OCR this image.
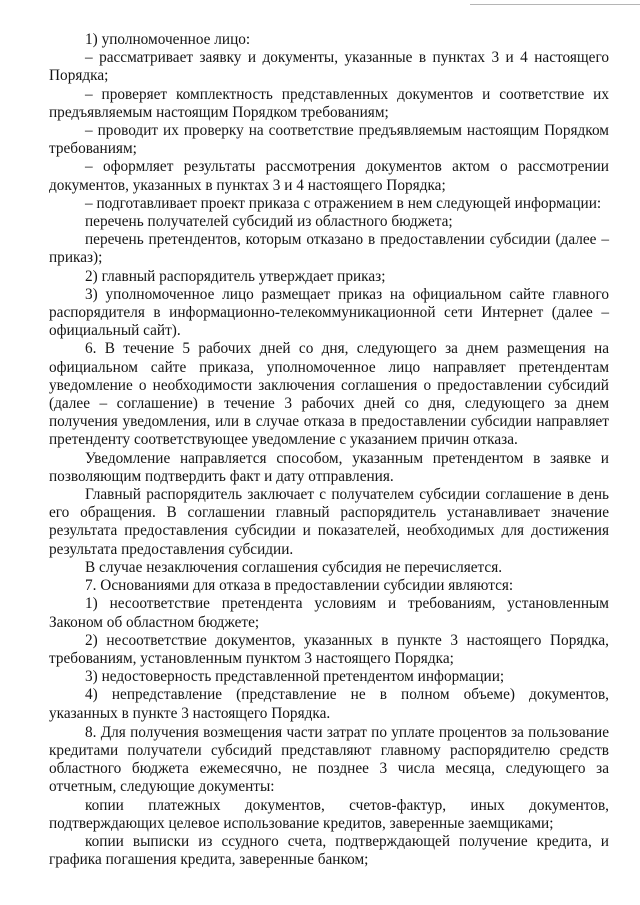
1) уполномоченное лицо:

– рассматривает заявку и документы, указанные в пунктах 3 и 4 настоящего Порядка;

– проверяет комплектность представленных документов и соответствие их предъявляемым настоящим Порядком требованиям;

– проводит их проверку на соответствие предъявляемым настоящим Порядком требованиям;

– оформляет результаты рассмотрения документов актом о рассмотрении документов, указанных в пунктах 3 и 4 настоящего Порядка;

– подготавливает проект приказа с отражением в нем следующей информации:

перечень получателей субсидий из областного бюджета;

перечень претендентов, которым отказано в предоставлении субсидии (далее – приказ);

2) главный распорядитель утверждает приказ;

3) уполномоченное лицо размещает приказ на официальном сайте главного распорядителя в информационно-телекоммуникационной сети Интернет (далее – официальный сайт).

6. В течение 5 рабочих дней со дня, следующего за днем размещения на официальном сайте приказа, уполномоченное лицо направляет претендентам уведомление о необходимости заключения соглашения о предоставлении субсидий (далее – соглашение) в течение 3 рабочих дней со дня, следующего за днем получения уведомления, или в случае отказа в предоставлении субсидии направляет претенденту соответствующее уведомление с указанием причин отказа.

Уведомление направляется способом, указанным претендентом в заявке и позволяющим подтвердить факт и дату отправления.

Главный распорядитель заключает с получателем субсидии соглашение в день его обращения. В соглашении главный распорядитель устанавливает значение результата предоставления субсидии и показателей, необходимых для достижения результата предоставления субсидии.

В случае незаключения соглашения субсидия не перечисляется.

7. Основаниями для отказа в предоставлении субсидии являются:

1) несоответствие претендента условиям и требованиям, установленным Законом об областном бюджете;

2) несоответствие документов, указанных в пункте 3 настоящего Порядка, требованиям, установленным пунктом 3 настоящего Порядка;

3) недостоверность представленной претендентом информации;

4) непредставление (представление не в полном объеме) документов, указанных в пункте 3 настоящего Порядка.

8. Для получения возмещения части затрат по уплате процентов за пользование кредитами получатели субсидий представляют главному распорядителю средств областного бюджета ежемесячно, не позднее 3 числа месяца, следующего за отчетным, следующие документы:

копии платежных документов, счетов-фактур, иных документов, подтверждающих целевое использование кредитов, заверенные заемщиками;

копии выписки из ссудного счета, подтверждающей получение кредита, и графика погашения кредита, заверенные банком;
